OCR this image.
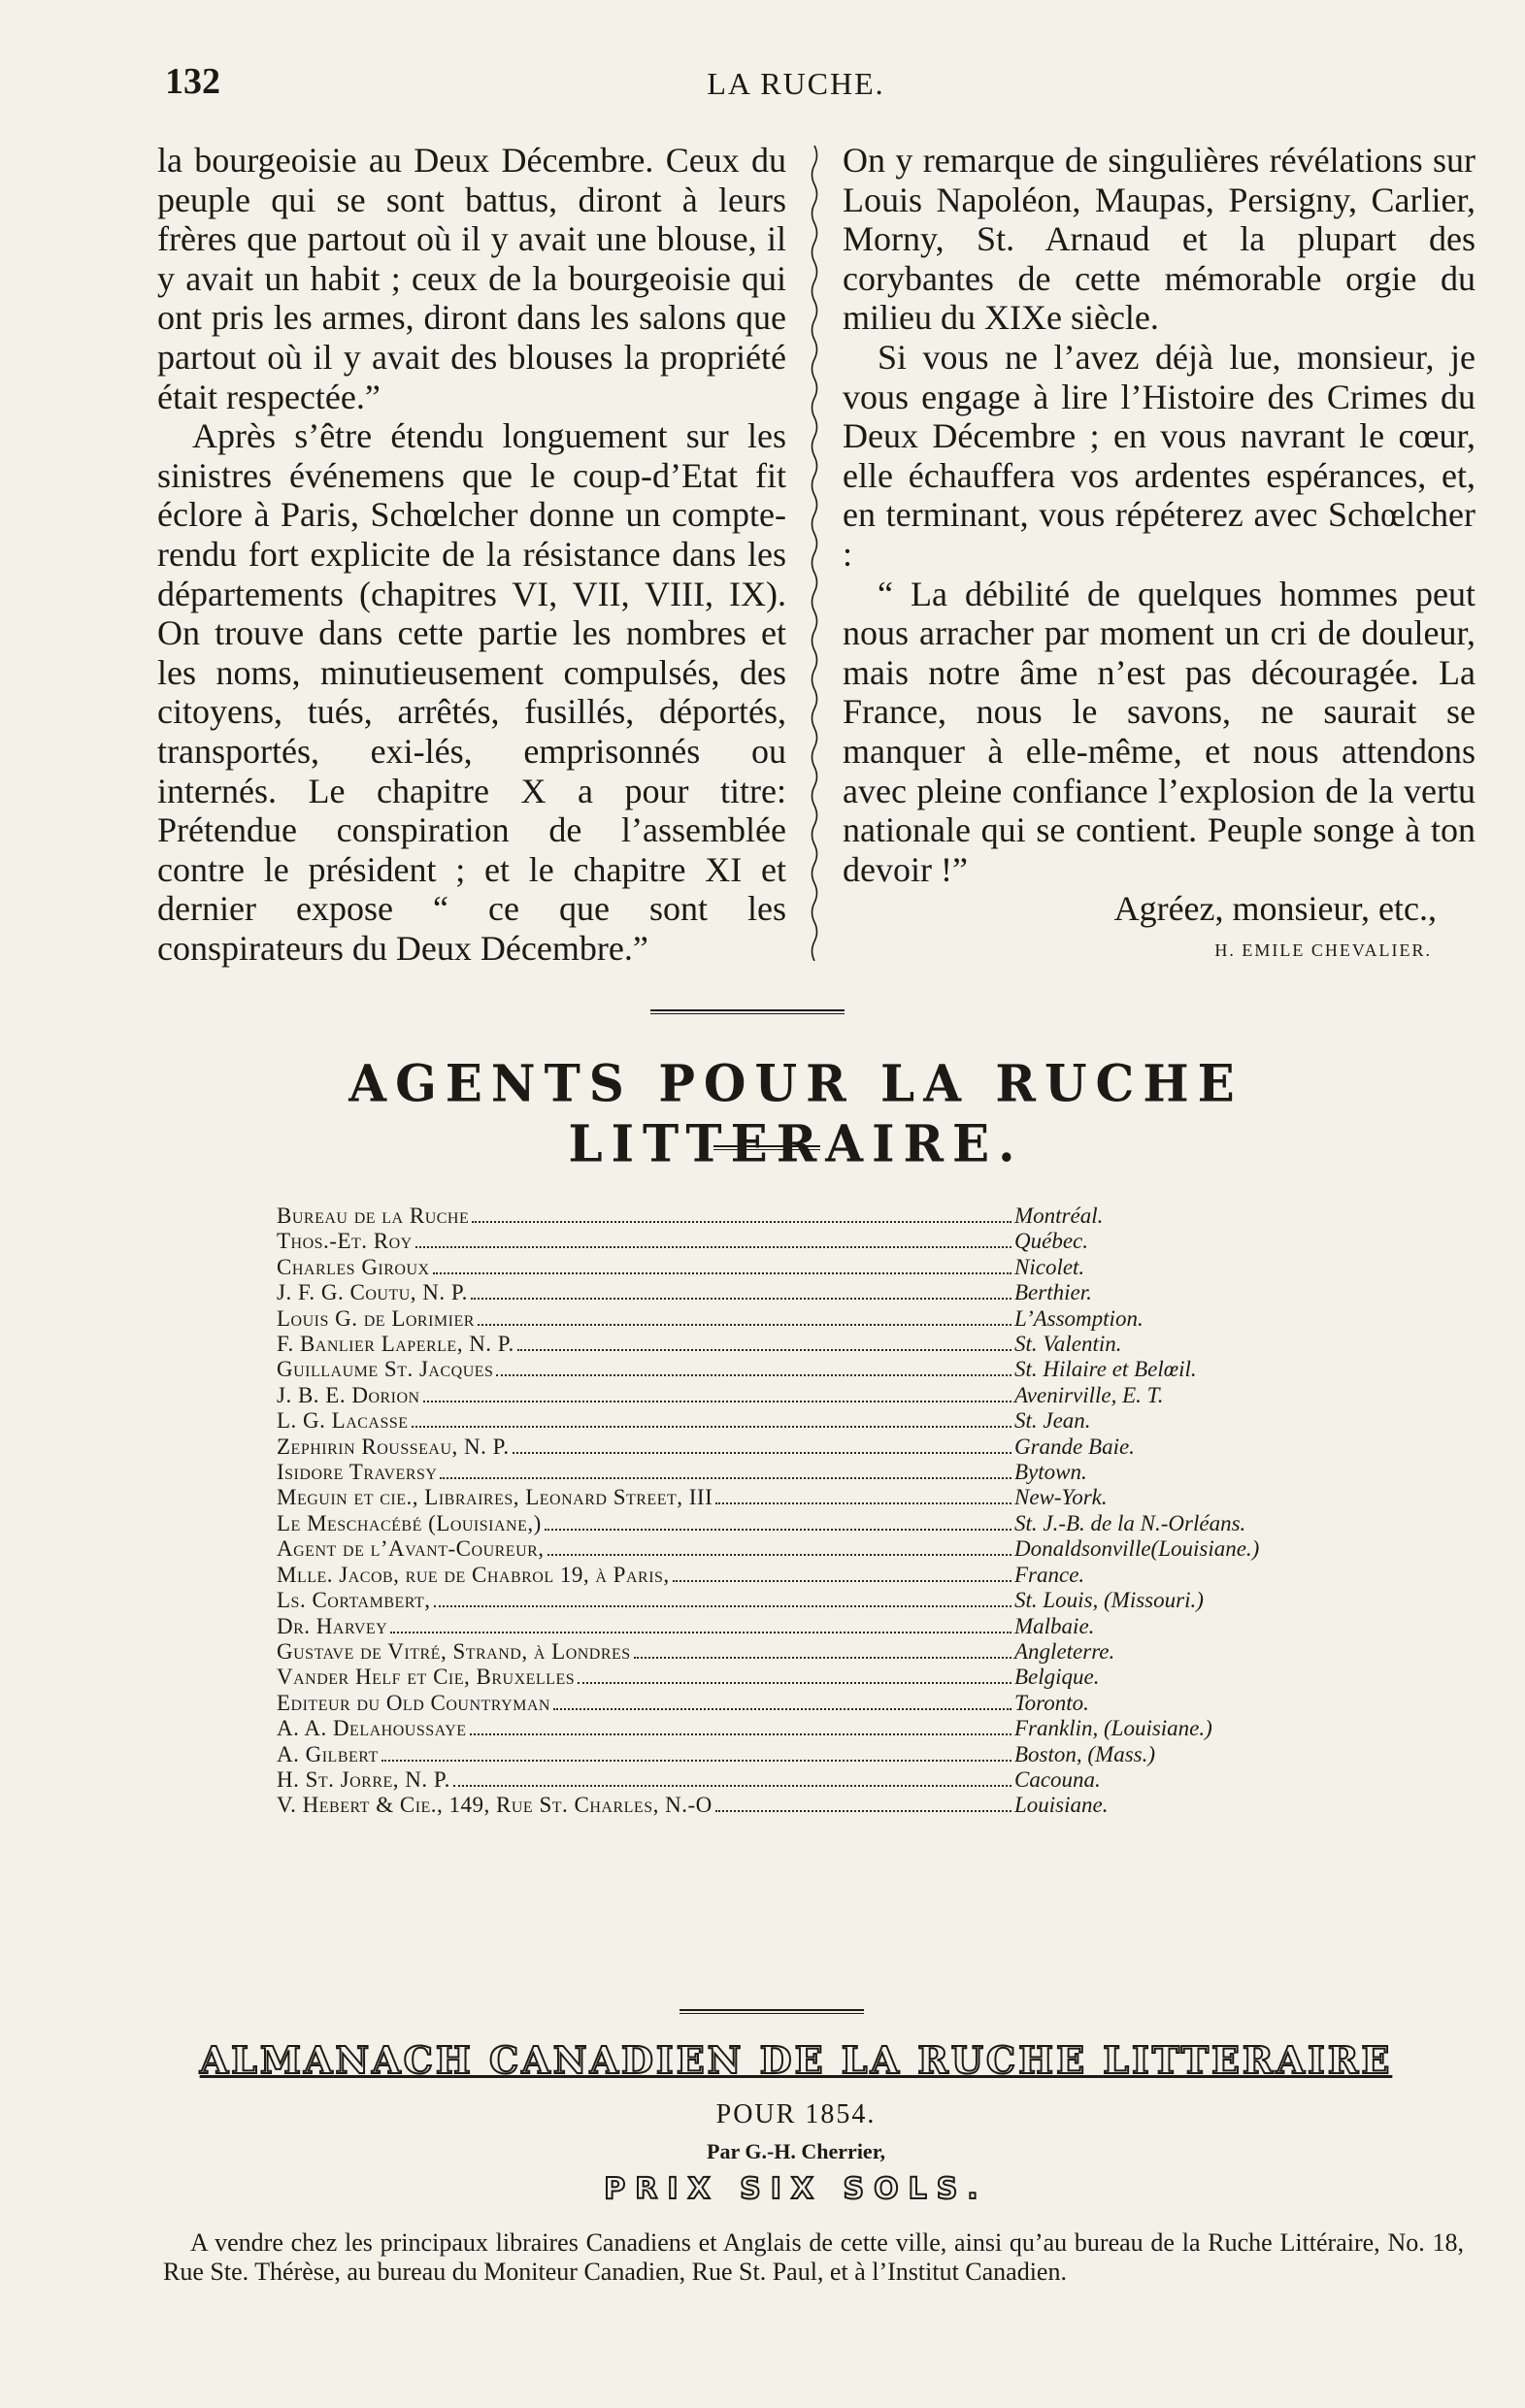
132	LA RUCHE.

la bourgeoisie au Deux Décembre. Ceux du peuple qui se sont battus, diront à leurs frères que partout où il y avait une blouse, il y avait un habit ; ceux de la bourgeoisie qui ont pris les armes, diront dans les salons que partout où il y avait des blouses la propriété était respectée.”

Après s’être étendu longuement sur les sinistres événemens que le coup-d’Etat fit éclore à Paris, Schœlcher donne un compte-rendu fort explicite de la résistance dans les départements (chapitres VI, VII, VIII, IX). On trouve dans cette partie les nombres et les noms, minutieusement compulsés, des citoyens, tués, arrêtés, fusillés, déportés, transportés, exi-lés, emprisonnés ou internés. Le chapitre X a pour titre: Prétendue conspiration de l’assemblée contre le président ; et le chapitre XI et dernier expose “ ce que sont les conspirateurs du Deux Décembre.”

On y remarque de singulières révélations sur Louis Napoléon, Maupas, Persigny, Carlier, Morny, St. Arnaud et la plupart des corybantes de cette mémorable orgie du milieu du XIXe siècle.

Si vous ne l’avez déjà lue, monsieur, je vous engage à lire l’Histoire des Crimes du Deux Décembre ; en vous navrant le cœur, elle échauffera vos ardentes espérances, et, en terminant, vous répéterez avec Schœlcher :

“ La débilité de quelques hommes peut nous arracher par moment un cri de douleur, mais notre âme n’est pas découragée. La France, nous le savons, ne saurait se manquer à elle-même, et nous attendons avec pleine confiance l’explosion de la vertu nationale qui se contient. Peuple songe à ton devoir !”

Agréez, monsieur, etc.,

H. EMILE CHEVALIER.
AGENTS POUR LA RUCHE LITTERAIRE.
Bureau de la Ruche	Montréal.
Thos.-Et. Roy	Québec.
Charles Giroux	Nicolet.
J. F. G. Coutu, N. P.	Berthier.
Louis G. de Lorimier	L’Assomption.
F. Banlier Laperle, N. P.	St. Valentin.
Guillaume St. Jacques	St. Hilaire et Belœil.
J. B. E. Dorion	Avenirville, E. T.
L. G. Lacasse	St. Jean.
Zephirin Rousseau, N. P.	Grande Baie.
Isidore Traversy	Bytown.
Meguin et cie., Libraires, Leonard Street, III	New-York.
Le Meschacébé (Louisiane,)	St. J.-B. de la N.-Orléans.
Agent de l’Avant-Coureur,	Donaldsonville(Louisiane.)
Mlle. Jacob, rue de Chabrol 19, à Paris,	France.
Ls. Cortambert,	St. Louis, (Missouri.)
Dr. Harvey	Malbaie.
Gustave de Vitré, Strand, à Londres	Angleterre.
Vander Helf et Cie, Bruxelles	Belgique.
Editeur du Old Countryman	Toronto.
A. A. Delahoussaye	Franklin, (Louisiane.)
A. Gilbert	Boston, (Mass.)
H. St. Jorre, N. P.	Cacouna.
V. Hebert & Cie., 149, Rue St. Charles, N.-O	Louisiane.
ALMANACH CANADIEN DE LA RUCHE LITTERAIRE
POUR 1854.
Par G.-H. Cherrier,
PRIX SIX SOLS.
A vendre chez les principaux libraires Canadiens et Anglais de cette ville, ainsi qu’au bureau de la Ruche Littéraire, No. 18, Rue Ste. Thérèse, au bureau du Moniteur Canadien, Rue St. Paul, et à l’Institut Canadien.
